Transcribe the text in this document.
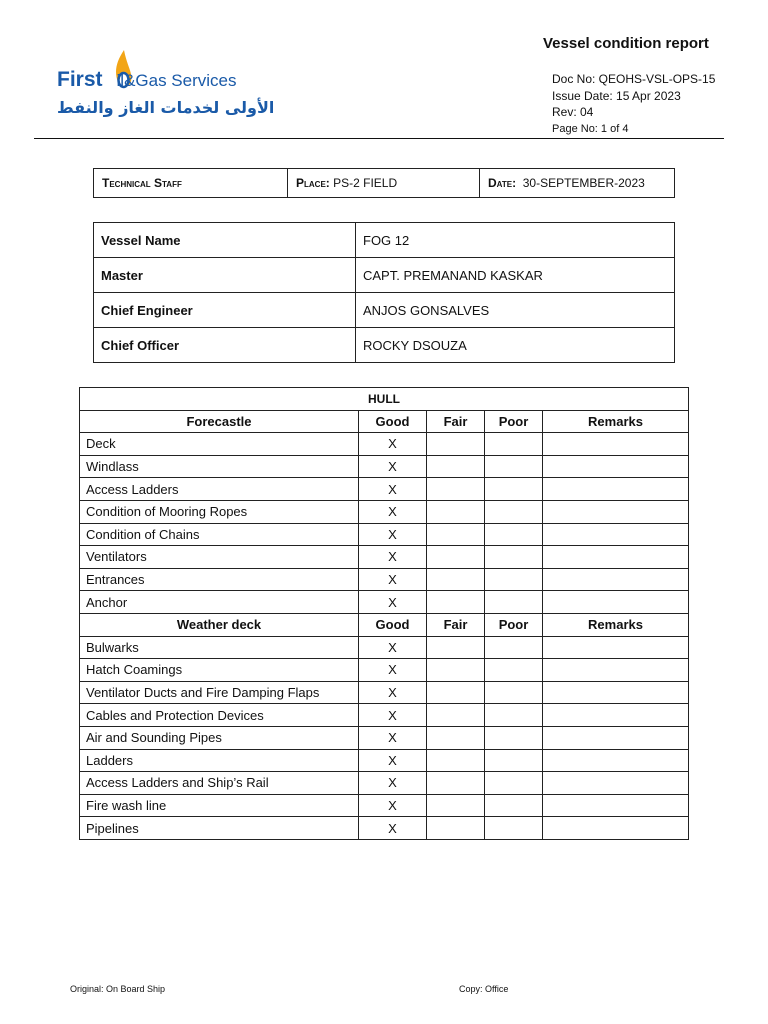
First il&Gas Services
الأولى لخدمات الغاز والنفط
Vessel condition report
Doc No: QEOHS-VSL-OPS-15
Issue Date: 15 Apr 2023
Rev: 04
Page No: 1 of 4
Technical Staff	Place: PS-2 FIELD	Date:  30-SEPTEMBER-2023
Vessel Name	FOG 12
Master	CAPT. PREMANAND KASKAR
Chief Engineer	ANJOS GONSALVES
Chief Officer	ROCKY DSOUZA
HULL				
Forecastle	Good	Fair	Poor	Remarks
Deck	X			
Windlass	X			
Access Ladders	X			
Condition of Mooring Ropes	X			
Condition of Chains	X			
Ventilators	X			
Entrances	X			
Anchor	X			
Weather deck	Good	Fair	Poor	Remarks
Bulwarks	X			
Hatch Coamings	X			
Ventilator Ducts and Fire Damping Flaps	X			
Cables and Protection Devices	X			
Air and Sounding Pipes	X			
Ladders	X			
Access Ladders and Ship’s Rail	X			
Fire wash line	X			
Pipelines	X			
Original: On Board Ship	Copy: Office
